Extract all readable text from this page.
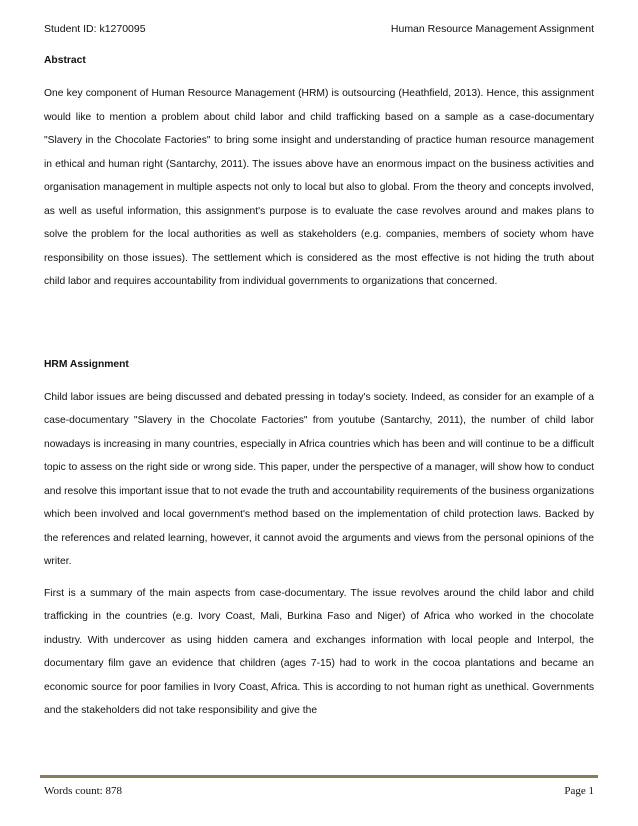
Student ID: k1270095	Human Resource Management Assignment

Abstract

One key component of Human Resource Management (HRM) is outsourcing (Heathfield, 2013). Hence, this assignment would like to mention a problem about child labor and child trafficking based on a sample as a case-documentary "Slavery in the Chocolate Factories" to bring some insight and understanding of practice human resource management in ethical and human right (Santarchy, 2011). The issues above have an enormous impact on the business activities and organisation management in multiple aspects not only to local but also to global. From the theory and concepts involved, as well as useful information, this assignment's purpose is to evaluate the case revolves around and makes plans to solve the problem for the local authorities as well as stakeholders (e.g. companies, members of society whom have responsibility on those issues). The settlement which is considered as the most effective is not hiding the truth about child labor and requires accountability from individual governments to organizations that concerned.

HRM Assignment

Child labor issues are being discussed and debated pressing in today's society. Indeed, as consider for an example of a case-documentary "Slavery in the Chocolate Factories" from youtube (Santarchy, 2011), the number of child labor nowadays is increasing in many countries, especially in Africa countries which has been and will continue to be a difficult topic to assess on the right side or wrong side. This paper, under the perspective of a manager, will show how to conduct and resolve this important issue that to not evade the truth and accountability requirements of the business organizations which been involved and local government's method based on the implementation of child protection laws. Backed by the references and related learning, however, it cannot avoid the arguments and views from the personal opinions of the writer.

First is a summary of the main aspects from case-documentary. The issue revolves around the child labor and child trafficking in the countries (e.g. Ivory Coast, Mali, Burkina Faso and Niger) of Africa who worked in the chocolate industry. With undercover as using hidden camera and exchanges information with local people and Interpol, the documentary film gave an evidence that children (ages 7-15) had to work in the cocoa plantations and became an economic source for poor families in Ivory Coast, Africa. This is according to not human right as unethical. Governments and the stakeholders did not take responsibility and give the

Words count: 878	Page 1
